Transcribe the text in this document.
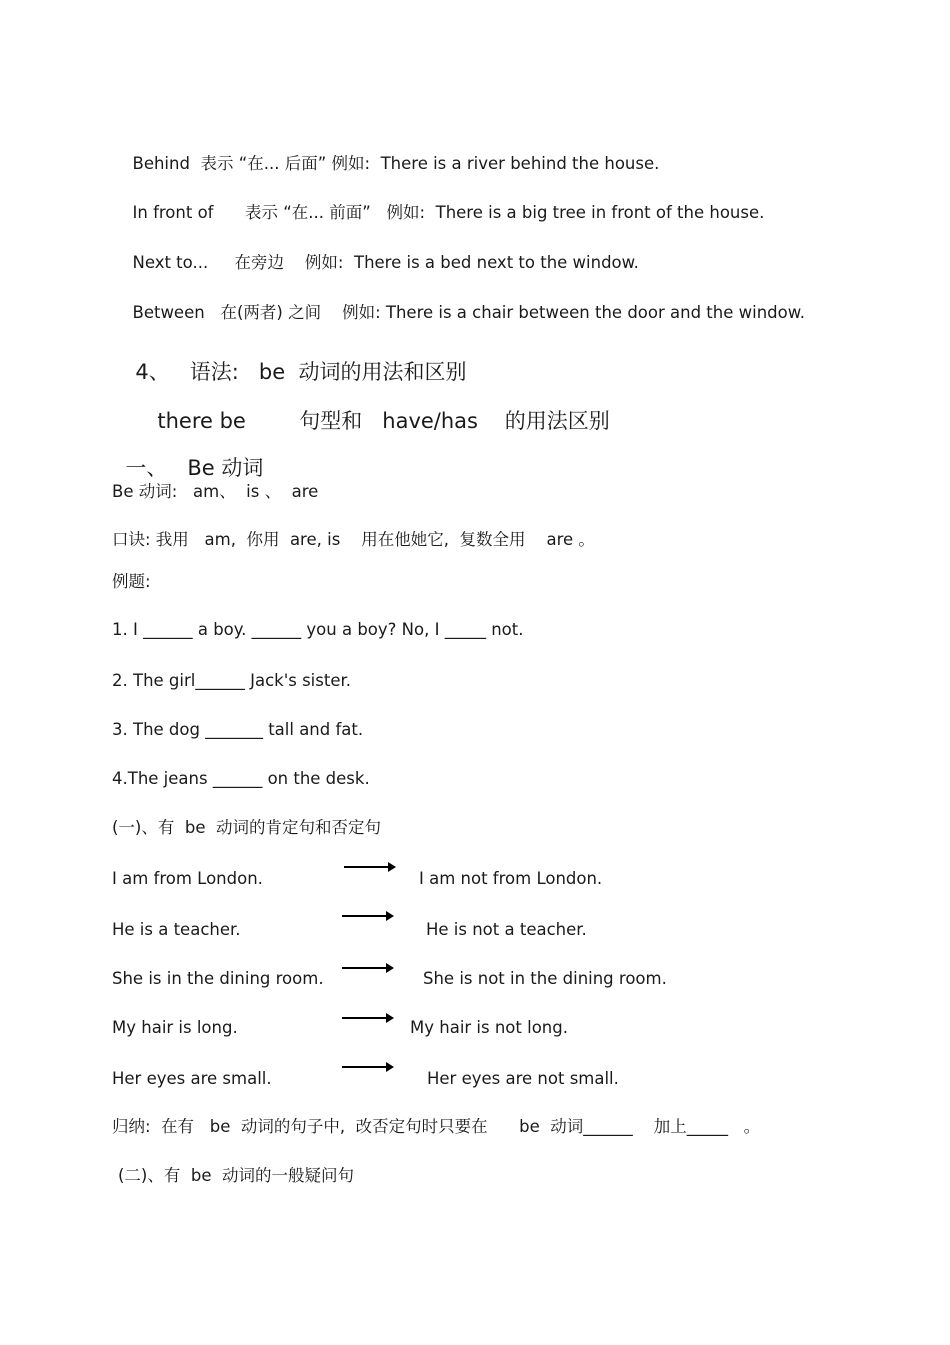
Behind 表示 “在... 后面” 例如: There is a river behind the house.

In front of 表示 “在... 前面” 例如: There is a big tree in front of the house.

Next to... 在旁边 例如: There is a bed next to the window.

Between 在(两者) 之间 例如: There is a chair between the door and the window.

4、 语法:   be  动词的用法和区别

there be	句型和   have/has    的用法区别

一、 Be 动词

Be 动词:   am、  is 、  are
口诀: 我用   am,  你用  are, is    用在他她它,  复数全用    are 。
例题:
1. I ______ a boy. ______ you a boy? No, I _____ not.
2. The girl______ Jack's sister.
3. The dog _______ tall and fat.
4.The jeans ______ on the desk.
(一)、有  be  动词的肯定句和否定句
I am from London.	I am not from London.
He is a teacher.	He is not a teacher.
She is in the dining room.	She is not in the dining room.
My hair is long.	My hair is not long.
Her eyes are small.	Her eyes are not small.
归纳:  在有   be  动词的句子中,  改否定句时只要在      be  动词______    加上_____   。
(二)、有  be  动词的一般疑问句
